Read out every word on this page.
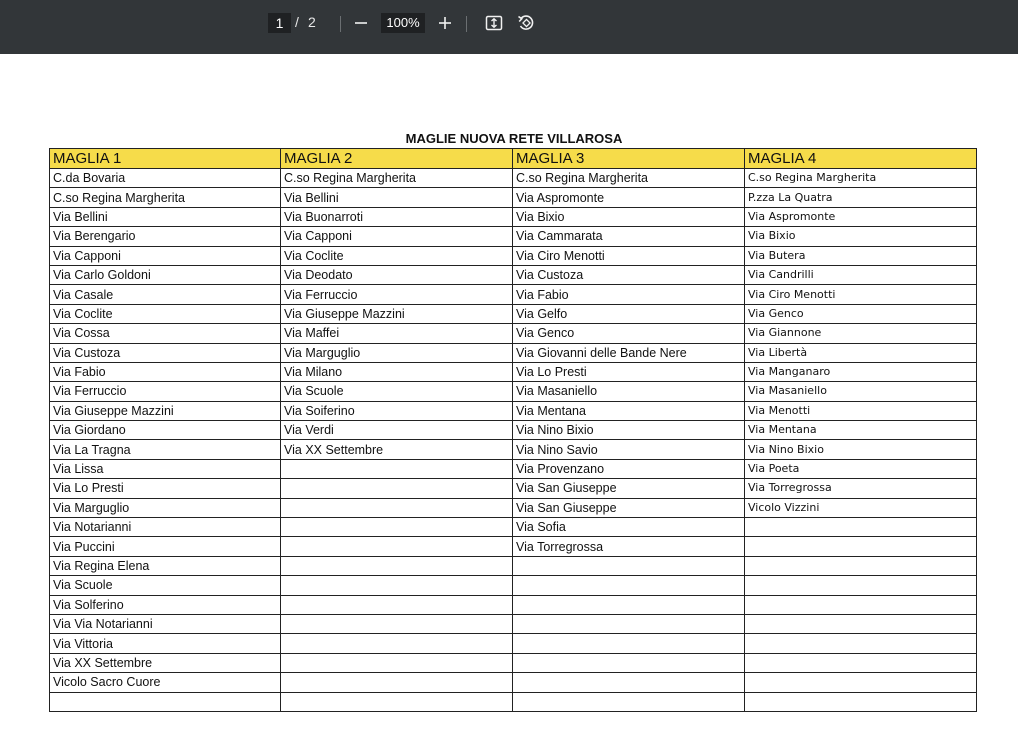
1 / 2	100%
MAGLIE NUOVA RETE VILLAROSA
MAGLIA 1	MAGLIA 2	MAGLIA 3	MAGLIA 4
C.da Bovaria	C.so Regina Margherita	C.so Regina Margherita	C.so Regina Margherita
C.so Regina Margherita	Via Bellini	Via Aspromonte	P.zza La Quatra
Via Bellini	Via Buonarroti	Via Bixio	Via Aspromonte
Via Berengario	Via Capponi	Via Cammarata	Via Bixio
Via Capponi	Via Coclite	Via Ciro Menotti	Via Butera
Via Carlo Goldoni	Via Deodato	Via Custoza	Via Candrilli
Via Casale	Via Ferruccio	Via Fabio	Via Ciro Menotti
Via Coclite	Via Giuseppe Mazzini	Via Gelfo	Via Genco
Via Cossa	Via Maffei	Via Genco	Via Giannone
Via Custoza	Via Marguglio	Via Giovanni delle Bande Nere	Via Libertà
Via Fabio	Via Milano	Via Lo Presti	Via Manganaro
Via Ferruccio	Via Scuole	Via Masaniello	Via Masaniello
Via Giuseppe Mazzini	Via Soiferino	Via Mentana	Via Menotti
Via Giordano	Via Verdi	Via Nino Bixio	Via Mentana
Via La Tragna	Via XX Settembre	Via Nino Savio	Via Nino Bixio
Via Lissa		Via Provenzano	Via Poeta
Via Lo Presti		Via San Giuseppe	Via Torregrossa
Via Marguglio		Via San Giuseppe	Vicolo Vizzini
Via Notarianni		Via Sofia	
Via Puccini		Via Torregrossa	
Via Regina Elena			
Via Scuole			
Via Solferino			
Via Via Notarianni			
Via Vittoria			
Via XX Settembre			
Vicolo Sacro Cuore			
